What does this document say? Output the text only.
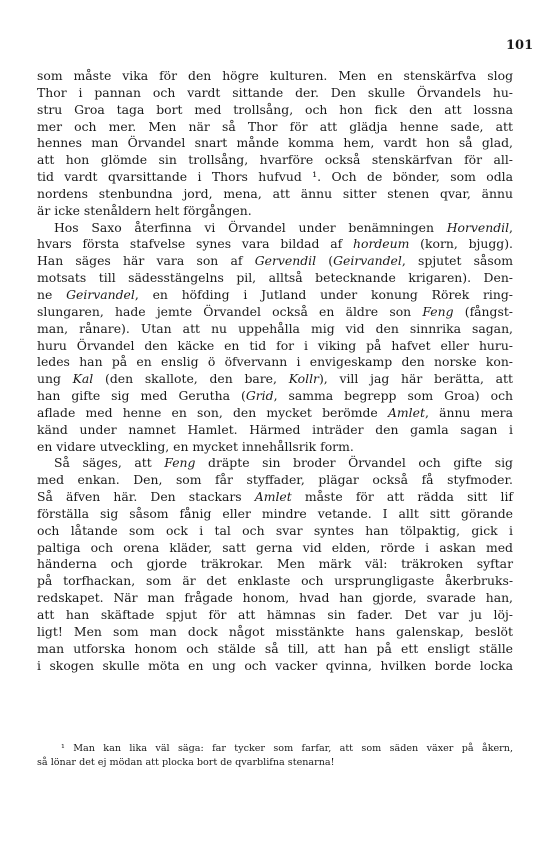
101

som måste vika för den högre kulturen. Men en stenskärfva slog
Thor i pannan och vardt sittande der. Den skulle Örvandels hu-
stru Groa taga bort med trollsång, och hon fick den att lossna
mer och mer. Men när så Thor för att glädja henne sade, att
hennes man Örvandel snart månde komma hem, vardt hon så glad,
att hon glömde sin trollsång, hvarföre också stenskärfvan för all-
tid vardt qvarsittande i Thors hufvud ¹. Och de bönder, som odla
nordens stenbundna jord, mena, att ännu sitter stenen qvar, ännu
är icke stenåldern helt förgången.

Hos Saxo återfinna vi Örvandel under benämningen Horvendil,
hvars första stafvelse synes vara bildad af hordeum (korn, bjugg).
Han säges här vara son af Gervendil (Geirvandel, spjutet såsom
motsats till sädesstängelns pil, alltså betecknande krigaren). Den-
ne Geirvandel, en höfding i Jutland under konung Rörek ring-
slungaren, hade jemte Örvandel också en äldre son Feng (fångst-
man, rånare). Utan att nu uppehålla mig vid den sinnrika sagan,
huru Örvandel den käcke en tid for i viking på hafvet eller huru-
ledes han på en enslig ö öfvervann i envigeskamp den norske kon-
ung Kal (den skallote, den bare, Kollr), vill jag här berätta, att
han gifte sig med Gerutha (Grid, samma begrepp som Groa) och
aflade med henne en son, den mycket berömde Amlet, ännu mera
känd under namnet Hamlet. Härmed inträder den gamla sagan i
en vidare utveckling, en mycket innehållsrik form.

Så säges, att Feng dräpte sin broder Örvandel och gifte sig
med enkan. Den, som får styffader, plägar också få styfmoder.
Så äfven här. Den stackars Amlet måste för att rädda sitt lif
förställa sig såsom fånig eller mindre vetande. I allt sitt görande
och låtande som ock i tal och svar syntes han tölpaktig, gick i
paltiga och orena kläder, satt gerna vid elden, rörde i askan med
händerna och gjorde träkrokar. Men märk väl: träkroken syftar
på torfhackan, som är det enklaste och ursprungligaste åkerbruks-
redskapet. När man frågade honom, hvad han gjorde, svarade han,
att han skäftade spjut för att hämnas sin fader. Det var ju löj-
ligt! Men som man dock något misstänkte hans galenskap, beslöt
man utforska honom och stälde så till, att han på ett ensligt ställe
i skogen skulle möta en ung och vacker qvinna, hvilken borde locka

¹ Man kan lika väl säga: far tycker som farfar, att som säden växer på åkern,
så lönar det ej mödan att plocka bort de qvarblifna stenarna!
